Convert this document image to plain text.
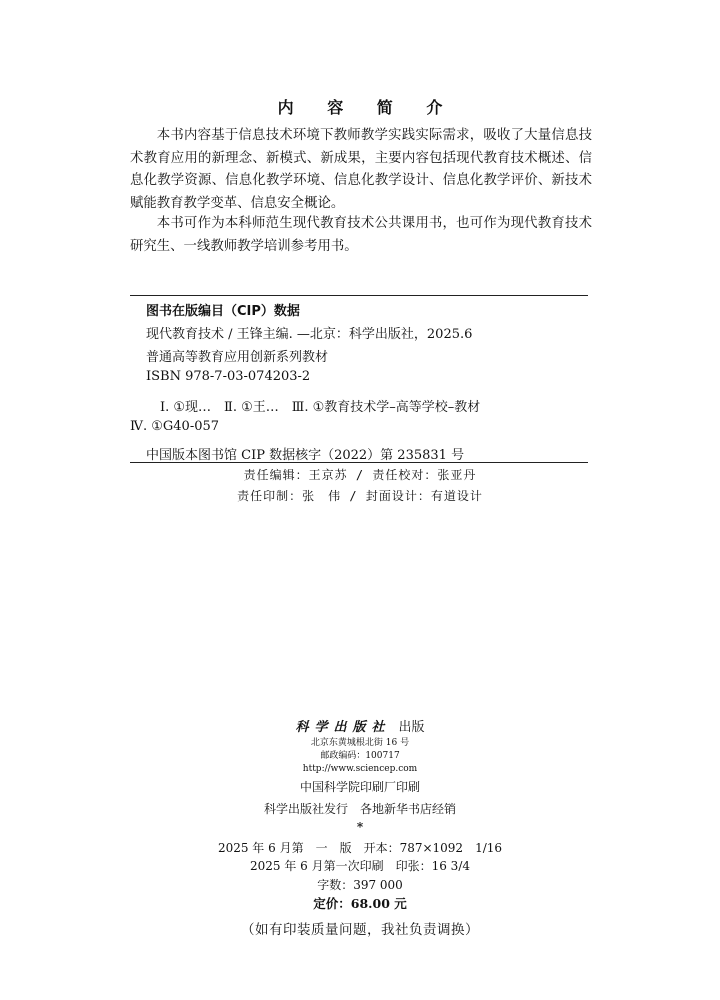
内 容 简 介

本书内容基于信息技术环境下教师教学实践实际需求，吸收了大量信息技术教育应用的新理念、新模式、新成果，主要内容包括现代教育技术概述、信息化教学资源、信息化教学环境、信息化教学设计、信息化教学评价、新技术赋能教育教学变革、信息安全概论。

本书可作为本科师范生现代教育技术公共课用书，也可作为现代教育技术研究生、一线教师教学培训参考用书。

图书在版编目（CIP）数据
现代教育技术 / 王锋主编. —北京：科学出版社，2025.6
普通高等教育应用创新系列教材
ISBN 978-7-03-074203-2
Ⅰ. ①现…　Ⅱ. ①王…　Ⅲ. ①教育技术学–高等学校–教材
Ⅳ. ①G40-057
中国版本图书馆 CIP 数据核字（2022）第 235831 号
责任编辑：王京苏 / 责任校对：张亚丹
责任印制：张　伟 / 封面设计：有道设计
科学出版社 出版
北京东黄城根北街 16 号
邮政编码：100717
http://www.sciencep.com
中国科学院印刷厂印刷
科学出版社发行　各地新华书店经销
*
2025 年 6 月第　一　版　开本：787×1092　1/16
2025 年 6 月第一次印刷　印张：16 3/4
字数：397 000
定价：68.00 元
（如有印装质量问题，我社负责调换）
